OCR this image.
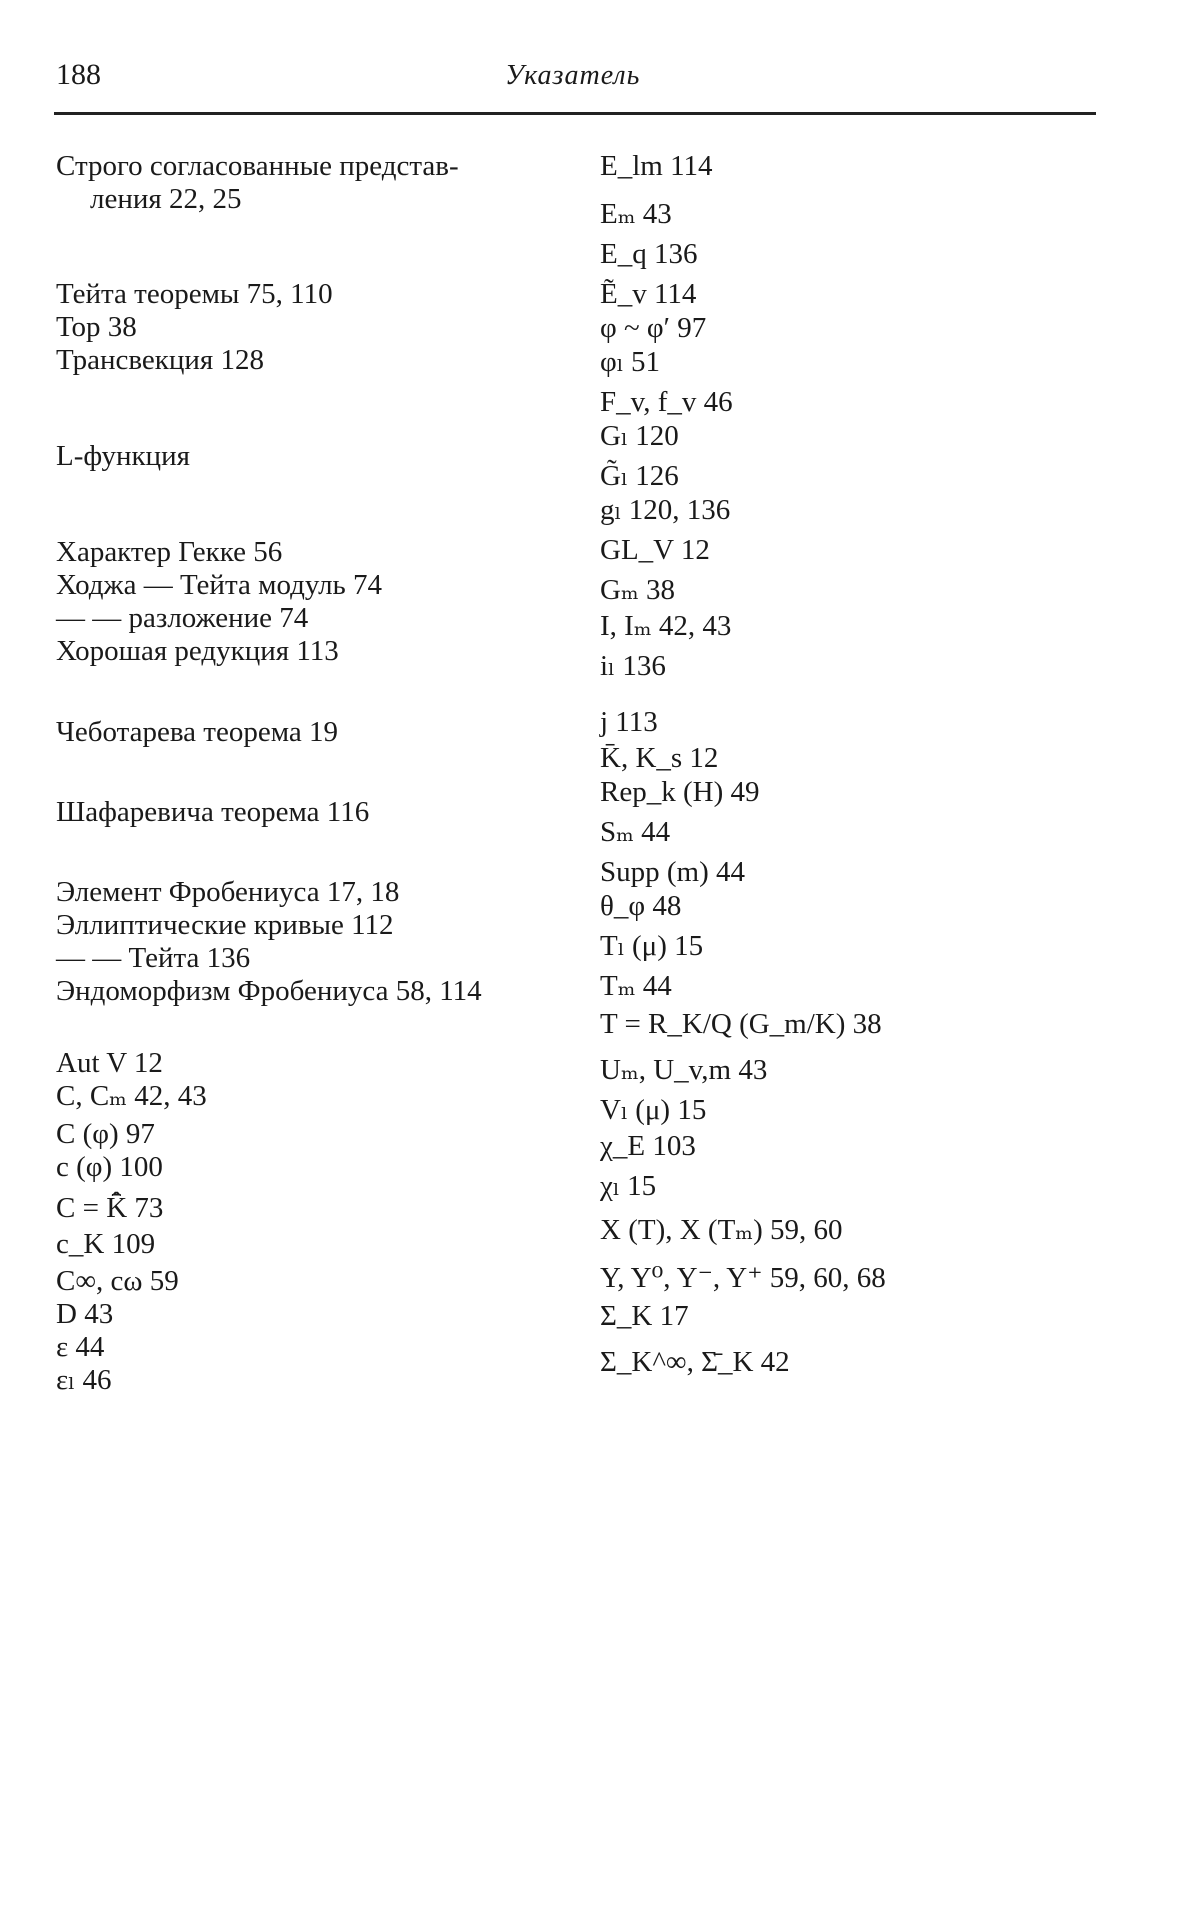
188	Указатель
Строго согласованные представ-
ления 22, 25
Тейта теоремы 75, 110
Тор 38
Трансвекция 128
L-функция
Характер Гекке 56
Ходжа — Тейта модуль 74
— — разложение 74
Хорошая редукция 113
Чеботарева теорема 19
Шафаревича теорема 116
Элемент Фробениуса 17, 18
Эллиптические кривые 112
— — Тейта 136
Эндоморфизм Фробениуса 58, 114
Aut V 12
C, Cₘ 42, 43
C (φ) 97
c (φ) 100
C = K̂̄ 73
c_K 109
C∞, cω 59
D 43
ε 44
εₗ 46
E_lm 114
Eₘ 43
E_q 136
Ẽ_v 114
φ ~ φ′ 97
φₗ 51
F_v, f_v 46
Gₗ 120
G̃ₗ 126
gₗ 120, 136
GL_V 12
Gₘ 38
I, Iₘ 42, 43
iₗ 136
j 113
K̄, K_s 12
Rep_k (H) 49
Sₘ 44
Supp (m) 44
θ_φ 48
Tₗ (μ) 15
Tₘ 44
T = R_K/Q (G_m/K) 38
Uₘ, U_v,m 43
Vₗ (μ) 15
χ_E 103
χₗ 15
X (T), X (Tₘ) 59, 60
Y, Y⁰, Y⁻, Y⁺ 59, 60, 68
Σ_K 17
Σ_K^∞, Σ̄_K 42
